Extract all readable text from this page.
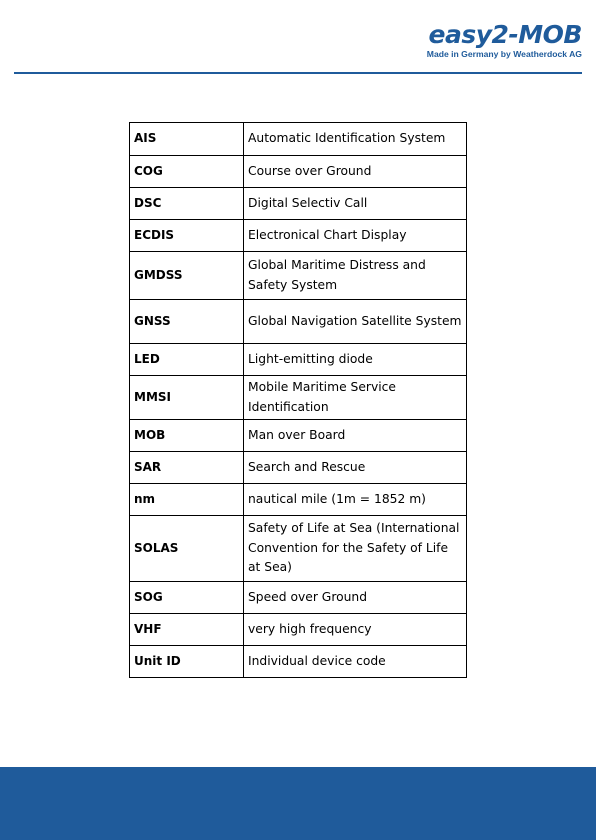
easy2-MOB
Made in Germany by Weatherdock AG
AIS	Automatic Identification System
COG	Course over Ground
DSC	Digital Selectiv Call
ECDIS	Electronical Chart Display
GMDSS	Global Maritime Distress and Safety System
GNSS	Global Navigation Satellite System
LED	Light-emitting diode
MMSI	Mobile Maritime Service Identification
MOB	Man over Board
SAR	Search and Rescue
nm	nautical mile (1m = 1852 m)
SOLAS	Safety of Life at Sea (International Convention for the Safety of Life at Sea)
SOG	Speed over Ground
VHF	very high frequency
Unit ID	Individual device code
